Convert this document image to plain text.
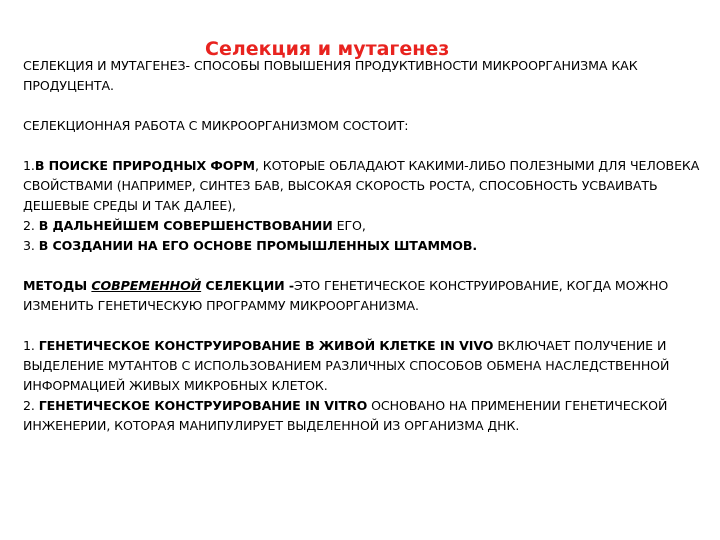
Селекция и мутагенез

СЕЛЕКЦИЯ И МУТАГЕНЕЗ- СПОСОБЫ ПОВЫШЕНИЯ ПРОДУКТИВНОСТИ МИКРООРГАНИЗМА КАК ПРОДУЦЕНТА.

СЕЛЕКЦИОННАЯ РАБОТА С МИКРООРГАНИЗМОМ СОСТОИТ:

1.В ПОИСКЕ ПРИРОДНЫХ ФОРМ, КОТОРЫЕ ОБЛАДАЮТ КАКИМИ-ЛИБО ПОЛЕЗНЫМИ ДЛЯ ЧЕЛОВЕКА СВОЙСТВАМИ (НАПРИМЕР, СИНТЕЗ БАВ, ВЫСОКАЯ СКОРОСТЬ РОСТА, СПОСОБНОСТЬ УСВАИВАТЬ ДЕШЕВЫЕ СРЕДЫ И ТАК ДАЛЕЕ),

2. В ДАЛЬНЕЙШЕМ СОВЕРШЕНСТВОВАНИИ ЕГО,

3. В СОЗДАНИИ НА ЕГО ОСНОВЕ ПРОМЫШЛЕННЫХ ШТАММОВ.

МЕТОДЫ СОВРЕМЕННОЙ СЕЛЕКЦИИ -ЭТО ГЕНЕТИЧЕСКОЕ КОНСТРУИРОВАНИЕ, КОГДА МОЖНО ИЗМЕНИТЬ ГЕНЕТИЧЕСКУЮ ПРОГРАММУ МИКРООРГАНИЗМА.

1. ГЕНЕТИЧЕСКОЕ КОНСТРУИРОВАНИЕ В ЖИВОЙ КЛЕТКЕ IN VIVO ВКЛЮЧАЕТ ПОЛУЧЕНИЕ И ВЫДЕЛЕНИЕ МУТАНТОВ С ИСПОЛЬЗОВАНИЕМ РАЗЛИЧНЫХ СПОСОБОВ ОБМЕНА НАСЛЕДСТВЕННОЙ ИНФОРМАЦИЕЙ ЖИВЫХ МИКРОБНЫХ КЛЕТОК.

2. ГЕНЕТИЧЕСКОЕ КОНСТРУИРОВАНИЕ IN VITRO ОСНОВАНО НА ПРИМЕНЕНИИ ГЕНЕТИЧЕСКОЙ ИНЖЕНЕРИИ, КОТОРАЯ МАНИПУЛИРУЕТ ВЫДЕЛЕННОЙ ИЗ ОРГАНИЗМА ДНК.
